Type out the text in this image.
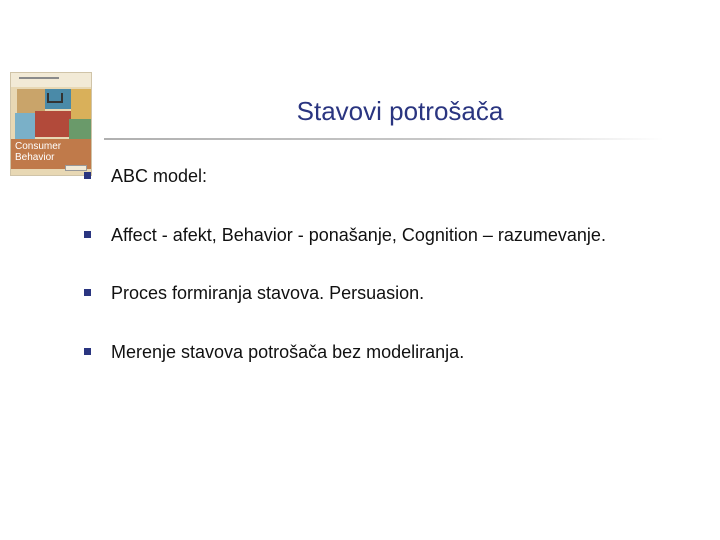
Consumer
Behavior
Stavovi potrošača
ABC model:
Affect - afekt, Behavior - ponašanje, Cognition – razumevanje.
Proces formiranja stavova. Persuasion.
Merenje stavova potrošača bez modeliranja.
